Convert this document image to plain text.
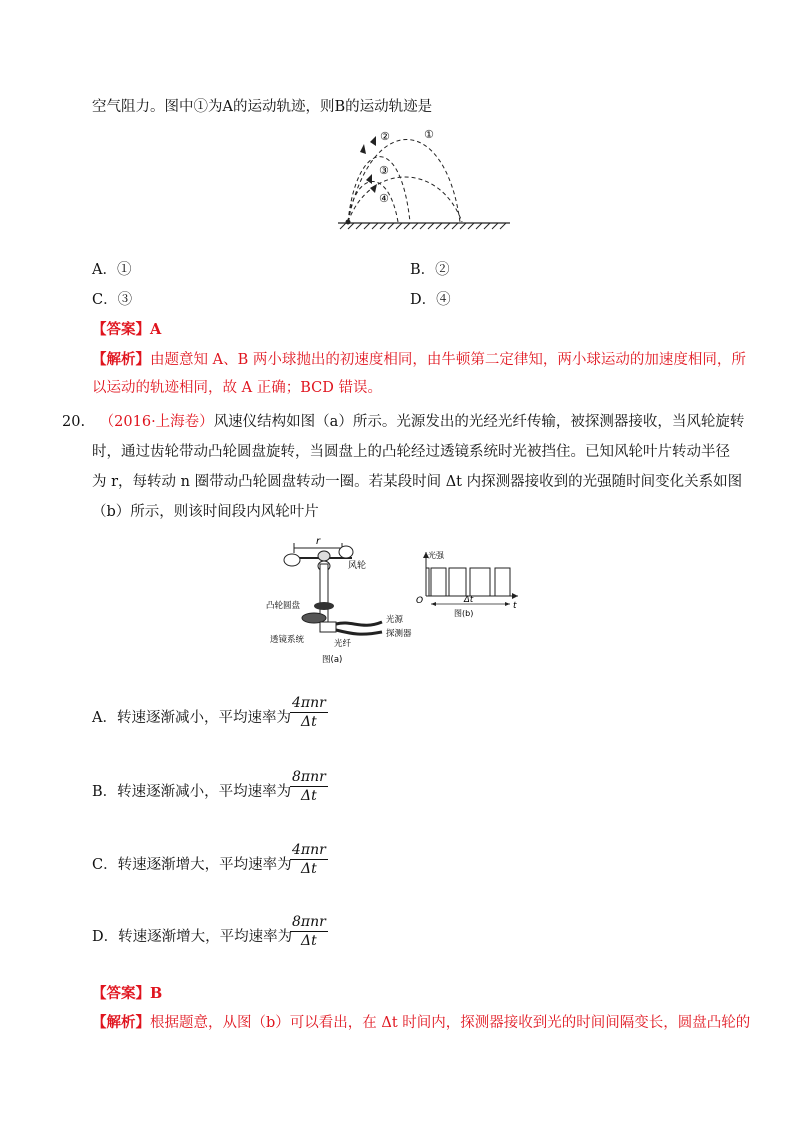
空气阻力。图中①为A的运动轨迹，则B的运动轨迹是
①
②
③
④
A．①	B．②
C．③	D．④
【答案】A
【解析】由题意知 A、B 两小球抛出的初速度相同，由牛顿第二定律知，两小球运动的加速度相同，所
以运动的轨迹相同，故 A 正确；BCD 错误。
20. （2016·上海卷）风速仪结构如图（a）所示。光源发出的光经光纤传输，被探测器接收，当风轮旋转
时，通过齿轮带动凸轮圆盘旋转，当圆盘上的凸轮经过透镜系统时光被挡住。已知风轮叶片转动半径
为 r，每转动 n 圈带动凸轮圆盘转动一圈。若某段时间 Δt 内探测器接收到的光强随时间变化关系如图
（b）所示，则该时间段内风轮叶片
r
风轮
凸轮圆盘
光源
探测器
透镜系统	光纤
图(a)
光强
O	t
Δt
图(b)
A．转速逐渐减小，平均速率为
4πnr
Δt
B．转速逐渐减小，平均速率为
8πnr
Δt
C．转速逐渐增大，平均速率为
4πnr
Δt
D．转速逐渐增大，平均速率为
8πnr
Δt
【答案】B
【解析】根据题意，从图（b）可以看出，在 Δt 时间内，探测器接收到光的时间间隔变长，圆盘凸轮的
